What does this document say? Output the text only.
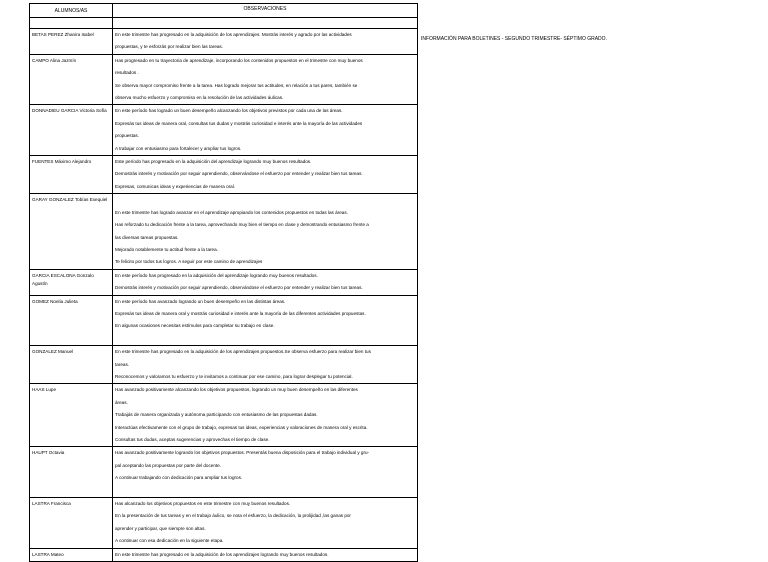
INFORMACIÓN PARA BOLETINES - SEGUNDO TRIMESTRE- SÉPTIMO GRADO.
ALUMNOS/AS	OBSERVACIONES

BETAS PEREZ Zhanira Isabel	En este trimestre has progresado en la adquisición de los aprendizajes. Mostrás interés y agrado por las actividades
propuestas, y te esforzás por realizar bien las tareas.

CAMPO Alina Jazmín	Has progresado en tu trayectoria de aprendizaje, incorporando los contenidos propuestos en el trimestre con muy buenos
resultados .
Se observa mayor compromiso frente a la tarea. Has logrado mejorar tus actitudes, en relación a tus pares, también se
observa mucho esfuerzo y compromiso en la resolución de las actividades áulicas.

DONNADIEU GARCIA Victoria Sofía	En este período has logrado un buen desempeño alcanzando los objetivos previstos por cada una de las áreas.
Expresás tus ideas de manera oral, consultas tus dudas y mostrás curiosidad e interés ante la mayoría de las actividades
propuestas.
A trabajar con entusiasmo para fortalecer y ampliar tus logros.

FUENTES Máximo Alejandro	Este período has progresado en la adquisición del aprendizaje logrando muy buenos resultados.
Demostrás interés y motivación por seguir aprendiendo, observándose el esfuerzo por entender y realizar bien tus tareas.
Expresas, comunicas ideas y experiencias de manera oral.

GARAY GONZALEZ Tobías Exequiel	En este trimestre has logrado avanzar en el aprendizaje apropiando los contenidos propuestos en todas las áreas.
Has reforzado tu dedicación frente a la tarea, aprovechando muy bien el tiempo en clase y demostrando entusiasmo frente a
las diversas tareas propuestas.
Mejorado notablemente tu actitud frente a la tarea.
Te felicito por todos tus logros. A seguir por este camino de aprendizajes

GARCIA ESCALONA Gonzalo Agustín	En este período has progresado en la adquisición del aprendizaje logrando muy buenos resultados.
Demostrás interés y motivación por seguir aprendiendo, observándose el esfuerzo por entender y realizar bien tus tareas.

GOMEZ Noelia Julieta	En este período has avanzado logrando un buen desempeño en las distintas áreas.
Expresás tus ideas de manera oral y mostrás curiosidad e interés ante la mayoría de las diferentes actividades propuestas.
En algunas ocasiones necesitas estímulos para completar su trabajo en clase.

GONZALEZ Manuel	En este trimestre has progresado en la adquisición de los aprendizajes propuestos.Se observa esfuerzo para realizar bien tus
tareas.
Reconocemos y valoramos tu esfuerzo y te invitamos a continuar por ese camino, para lograr desplegar tu potencial.

HAAS Lupe	Has avanzado positivamente alcanzando los objetivos propuestos, logrando un muy buen desempeño en las diferentes
áreas.
Trabajás de manera organizada y autónoma participando con entusiasmo de las propuestas dadas.
Interactúas efectivamente con el grupo de trabajo, expresas tus ideas, experiencias y valoraciones de manera oral y escrita.
Consultas tus dudas, aceptas sugerencias y aprovechas el tiempo de clase.

HAUPT Octavia	Has avanzado positivamente logrando los objetivos propuestos. Presentás buena disposición para el trabajo individual y gru-
pal aceptando las propuestas por parte del docente.
A continuar trabajando con dedicación para ampliar tus logros.

LASTRA Francisca	Has alcanzado los objetivos propuestos en este trimestre con muy buenos resultados.
En la presentación de tus tareas y en el trabajo áulico, se nota el esfuerzo, la dedicación, la prolijidad ,las ganas por
aprender y participar, que siempre son altas.
A continuar con esa dedicación en la siguiente etapa.

LASTRA Mateo	En este trimestre has progresado en la adquisición de los aprendizajes logrando muy buenos resultados.
